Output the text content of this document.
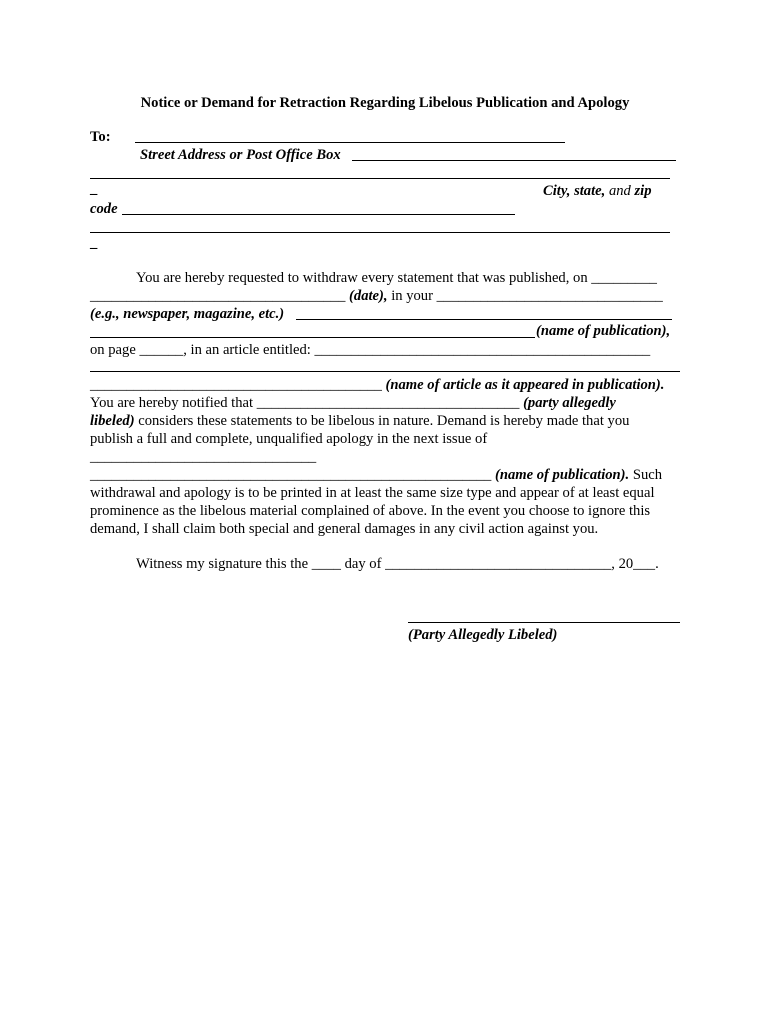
Notice or Demand for Retraction Regarding Libelous Publication and Apology
To:
Street Address or Post Office Box
_	City, state, and zip
code
_
You are hereby requested to withdraw every statement that was published, on _________
___________________________________ (date), in your _______________________________
(e.g., newspaper, magazine, etc.)
(name of publication),
on page ______, in an article entitled: ______________________________________________
________________________________________ (name of article as it appeared in publication).
You are hereby notified that ____________________________________ (party allegedly
libeled) considers these statements to be libelous in nature. Demand is hereby made that you
publish a full and complete, unqualified apology in the next issue of
_______________________________
_______________________________________________________ (name of publication). Such
withdrawal and apology is to be printed in at least the same size type and appear of at least equal
prominence as the libelous material complained of above. In the event you choose to ignore this
demand, I shall claim both special and general damages in any civil action against you.
Witness my signature this the ____ day of _______________________________, 20___.
(Party Allegedly Libeled)
